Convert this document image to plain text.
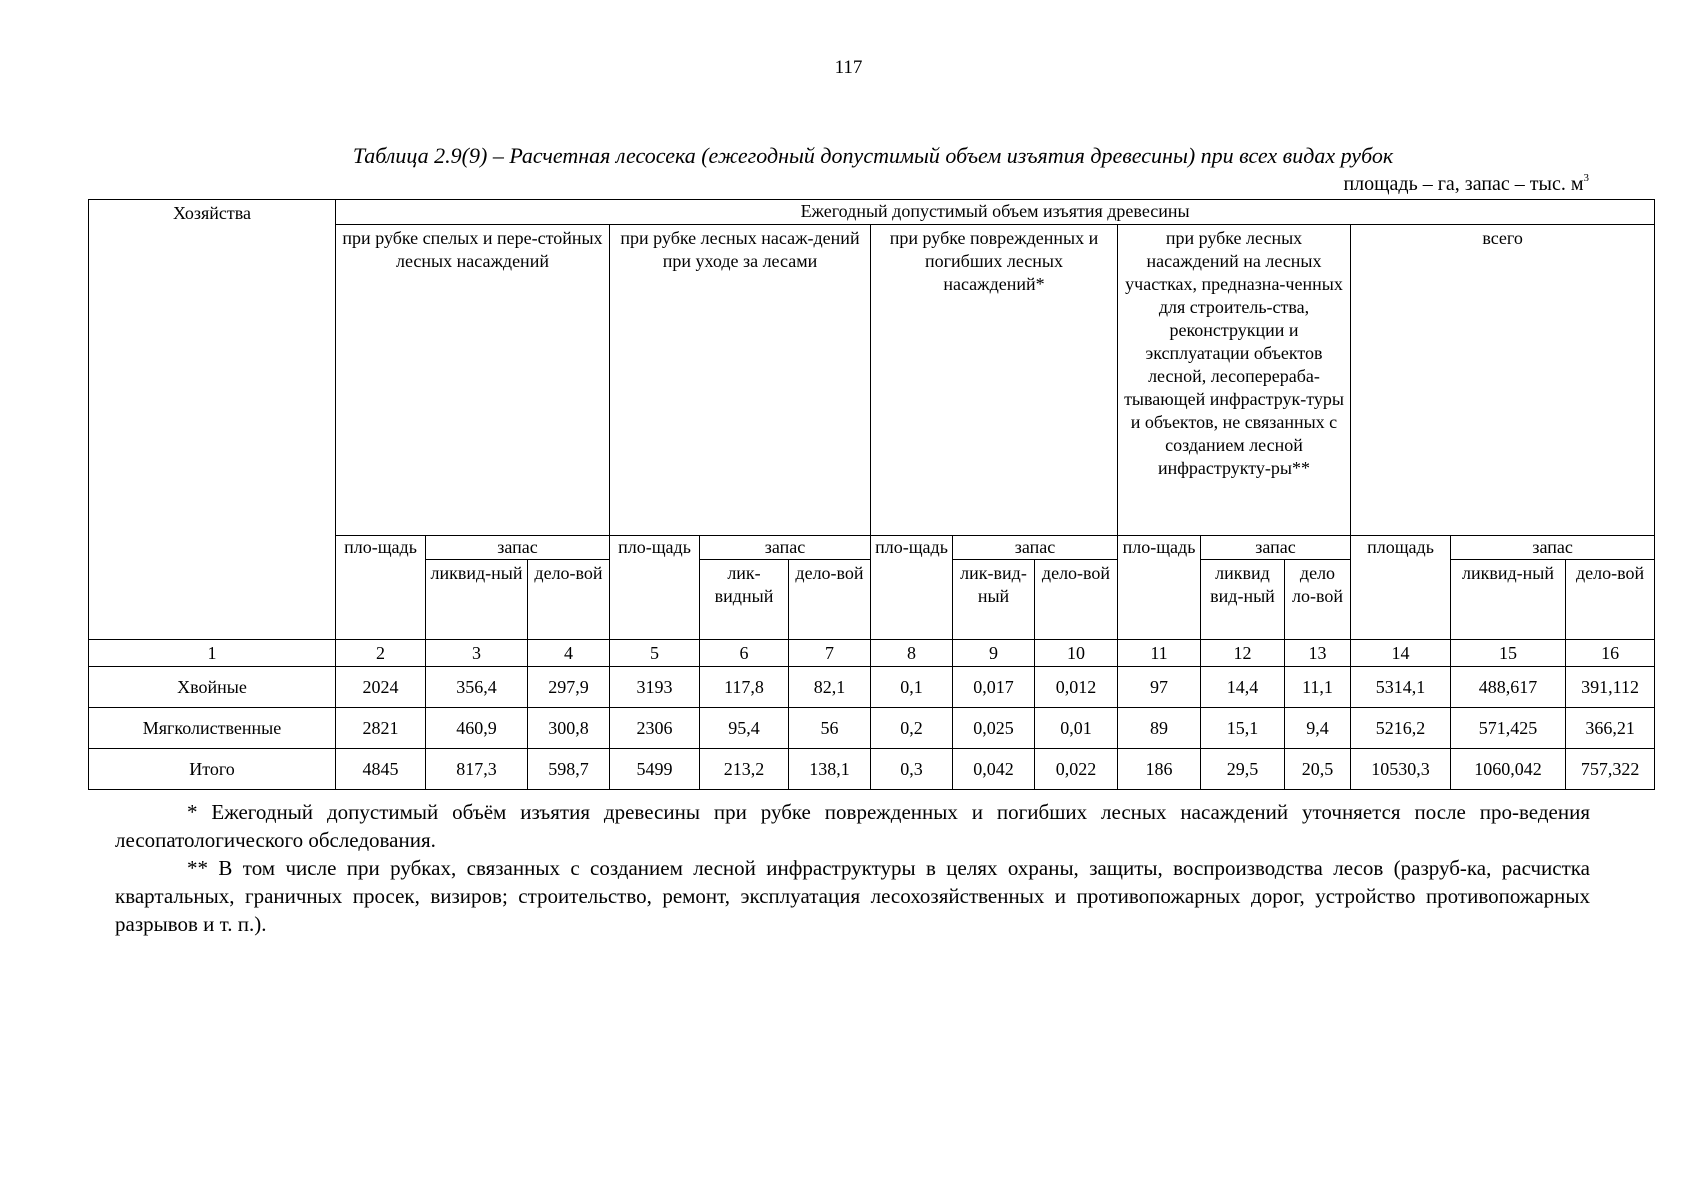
117
Таблица 2.9(9) – Расчетная лесосека (ежегодный допустимый объем изъятия древесины) при всех видах рубок
площадь – га, запас – тыс. $м^3$
Хозяйства	Ежегодный допустимый объем изъятия древесины														
	при рубке спелых и пере-стойных лесных насаждений			при рубке лесных насаж-дений при уходе за лесами			при рубке поврежденных и погибших лесных насаждений*			при рубке лесных насаждений на лесных участках, предназна-ченных для строитель-ства, реконструкции и эксплуатации объектов лесной, лесоперераба-тывающей инфраструк-туры и объектов, не связанных с созданием лесной инфраструкту-ры**			всего		
	пло-щадь	запас		пло-щадь	запас		пло-щадь	запас		пло-щадь	запас		площадь	запас	
		ликвид-ный	дело-вой		лик-видный	дело-вой		лик-вид-ный	дело-вой		ликвид вид-ный	дело ло-вой		ликвид-ный	дело-вой
1	2	3	4	5	6	7	8	9	10	11	12	13	14	15	16
Хвойные	2024	356,4	297,9	3193	117,8	82,1	0,1	0,017	0,012	97	14,4	11,1	5314,1	488,617	391,112
Мягколиственные	2821	460,9	300,8	2306	95,4	56	0,2	0,025	0,01	89	15,1	9,4	5216,2	571,425	366,21
Итого	4845	817,3	598,7	5499	213,2	138,1	0,3	0,042	0,022	186	29,5	20,5	10530,3	1060,042	757,322

* Ежегодный допустимый объём изъятия древесины при рубке поврежденных и погибших лесных насаждений уточняется после про-ведения лесопатологического обследования.

** В том числе при рубках, связанных с созданием лесной инфраструктуры в целях охраны, защиты, воспроизводства лесов (разруб-ка, расчистка квартальных, граничных просек, визиров; строительство, ремонт, эксплуатация лесохозяйственных и противопожарных дорог, устройство противопожарных разрывов и т. п.).
